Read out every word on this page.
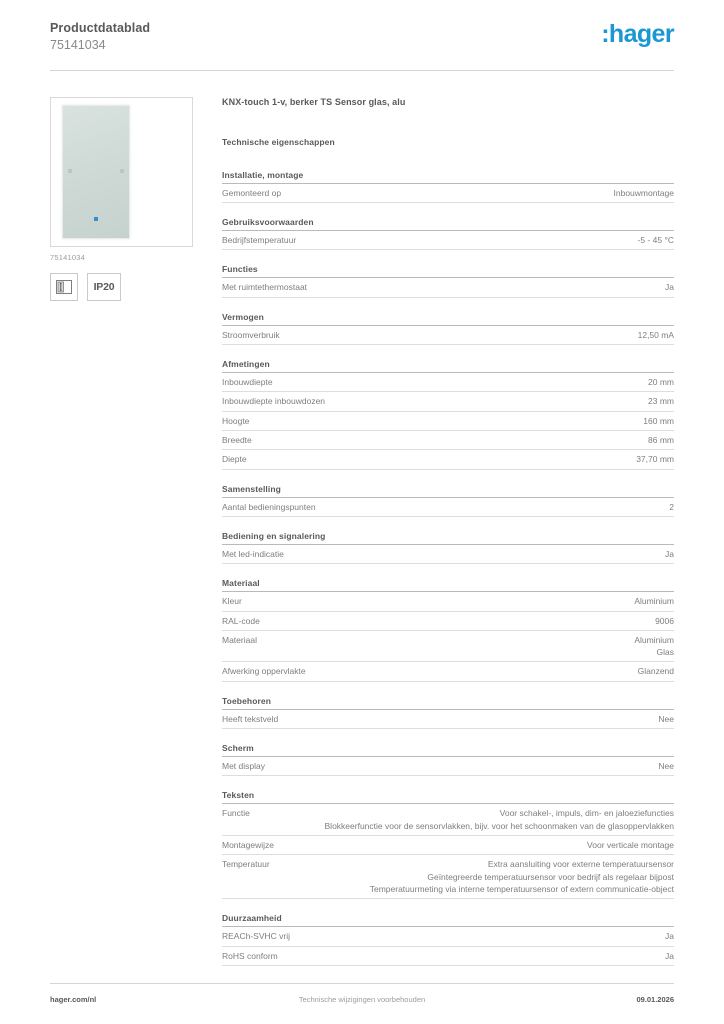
Productdatablad
75141034	:hager
75141034
IP20
KNX-touch 1-v, berker TS Sensor glas, alu
Technische eigenschappen
Installatie, montage
Gemonteerd op	Inbouwmontage
Gebruiksvoorwaarden
Bedrijfstemperatuur	-5 - 45 °C
Functies
Met ruimtethermostaat	Ja
Vermogen
Stroomverbruik	12,50 mA
Afmetingen
Inbouwdiepte	20 mm
Inbouwdiepte inbouwdozen	23 mm
Hoogte	160 mm
Breedte	86 mm
Diepte	37,70 mm
Samenstelling
Aantal bedieningspunten	2
Bediening en signalering
Met led-indicatie	Ja
Materiaal
Kleur	Aluminium
RAL-code	9006
Materiaal	Aluminium
Glas
Afwerking oppervlakte	Glanzend
Toebehoren
Heeft tekstveld	Nee
Scherm
Met display	Nee
Teksten
Functie	Voor schakel-, impuls, dim- en jaloeziefuncties
Blokkeerfunctie voor de sensorvlakken, bijv. voor het schoonmaken van de glasoppervlakken
Montagewijze	Voor verticale montage
Temperatuur	Extra aansluiting voor externe temperatuursensor
Geïntegreerde temperatuursensor voor bedrijf als regelaar bijpost
Temperatuurmeting via interne temperatuursensor of extern communicatie-object
Duurzaamheid
REACh-SVHC vrij	Ja
RoHS conform	Ja
hager.com/nl	Technische wijzigingen voorbehouden	09.01.2026
